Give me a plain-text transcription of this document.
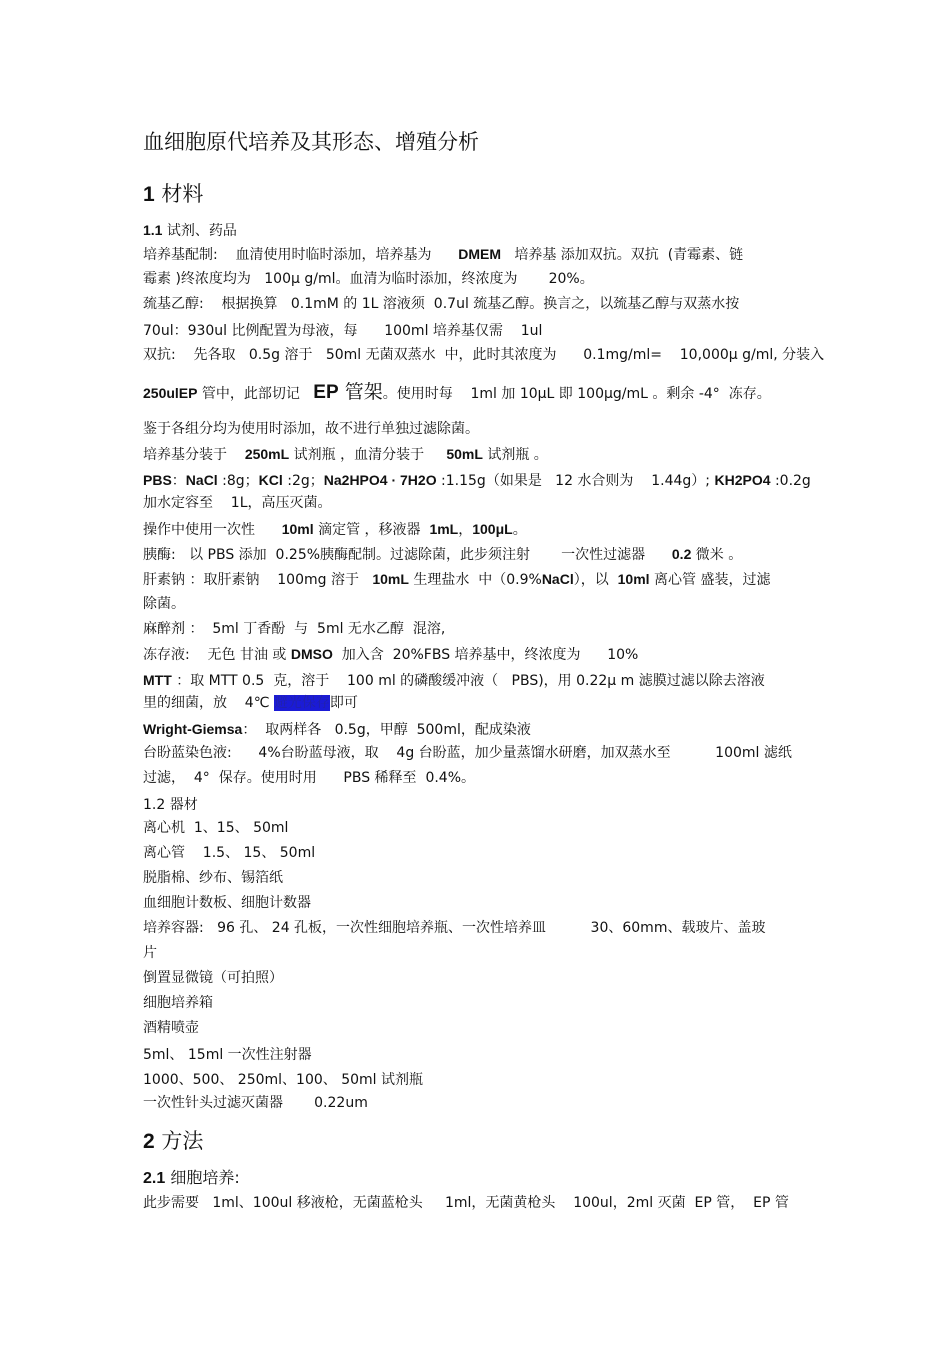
血细胞原代培养及其形态、增殖分析
1 材料
1.1 试剂、药品
培养基配制:    血清使用时临时添加，培养基为      DMEM   培养基 添加双抗。双抗  (青霉素、链
霉素 )终浓度均为   100μ g/ml。血清为临时添加，终浓度为       20%。
巯基乙醇:    根据换算   0.1mM 的 1L 溶液须  0.7ul 巯基乙醇。换言之，以巯基乙醇与双蒸水按
70ul：930ul 比例配置为母液，每      100ml 培养基仅需    1ul
双抗:    先各取   0.5g 溶于   50ml 无菌双蒸水  中，此时其浓度为      0.1mg/ml=    10,000μ g/ml, 分装入
250ulEP 管中，此部切记   EP 管架。使用时每    1ml 加 10μL 即 100μg/mL 。剩余 -4°  冻存。
鉴于各组分均为使用时添加，故不进行单独过滤除菌。
培养基分装于    250mL 试剂瓶 ，血清分装于     50mL 试剂瓶 。
PBS：NaCl :8g；KCl :2g；Na2HPO4 · 7H2O :1.15g（如果是   12 水合则为    1.44g）; KH2PO4 :0.2g
加水定容至    1L，高压灭菌。
操作中使用一次性      10ml 滴定管 ，移液器  1mL，100μL。
胰酶:   以 PBS 添加  0.25%胰酶配制。过滤除菌，此步须注射       一次性过滤器      0.2 微米 。
肝素钠 ：取肝素钠    100mg 溶于   10mL 生理盐水  中（0.9%NaCl），以  10ml 离心管 盛装，过滤
除菌。
麻醉剂 ：  5ml 丁香酚  与  5ml 无水乙醇  混溶,
冻存液:    无色 甘油 或 DMSO  加入含  20%FBS 培养基中，终浓度为      10%
MTT ：取 MTT 0.5  克，溶于    100 ml 的磷酸缓冲液（   PBS)，用 0.22μ m 滤膜过滤以除去溶液
里的细菌，放    4℃ 避光保存即可
Wright-Giemsa：  取两样各   0.5g，甲醇  500ml，配成染液
台盼蓝染色液:      4%台盼蓝母液，取    4g 台盼蓝，加少量蒸馏水研磨，加双蒸水至          100ml 滤纸
过滤，  4°  保存。使用时用      PBS 稀释至  0.4%。
1.2 器材
离心机  1、15、 50ml
离心管    1.5、 15、 50ml
脱脂棉、纱布、锡箔纸
血细胞计数板、细胞计数器
培养容器:   96 孔、 24 孔板，一次性细胞培养瓶、一次性培养皿          30、60mm、载玻片、盖玻
片
倒置显微镜（可拍照）
细胞培养箱
酒精喷壶
5ml、 15ml 一次性注射器
1000、500、 250ml、100、 50ml 试剂瓶
一次性针头过滤灭菌器       0.22um
2 方法
2.1 细胞培养:
此步需要   1ml、100ul 移液枪，无菌蓝枪头     1ml，无菌黄枪头    100ul，2ml 灭菌  EP 管，  EP 管
